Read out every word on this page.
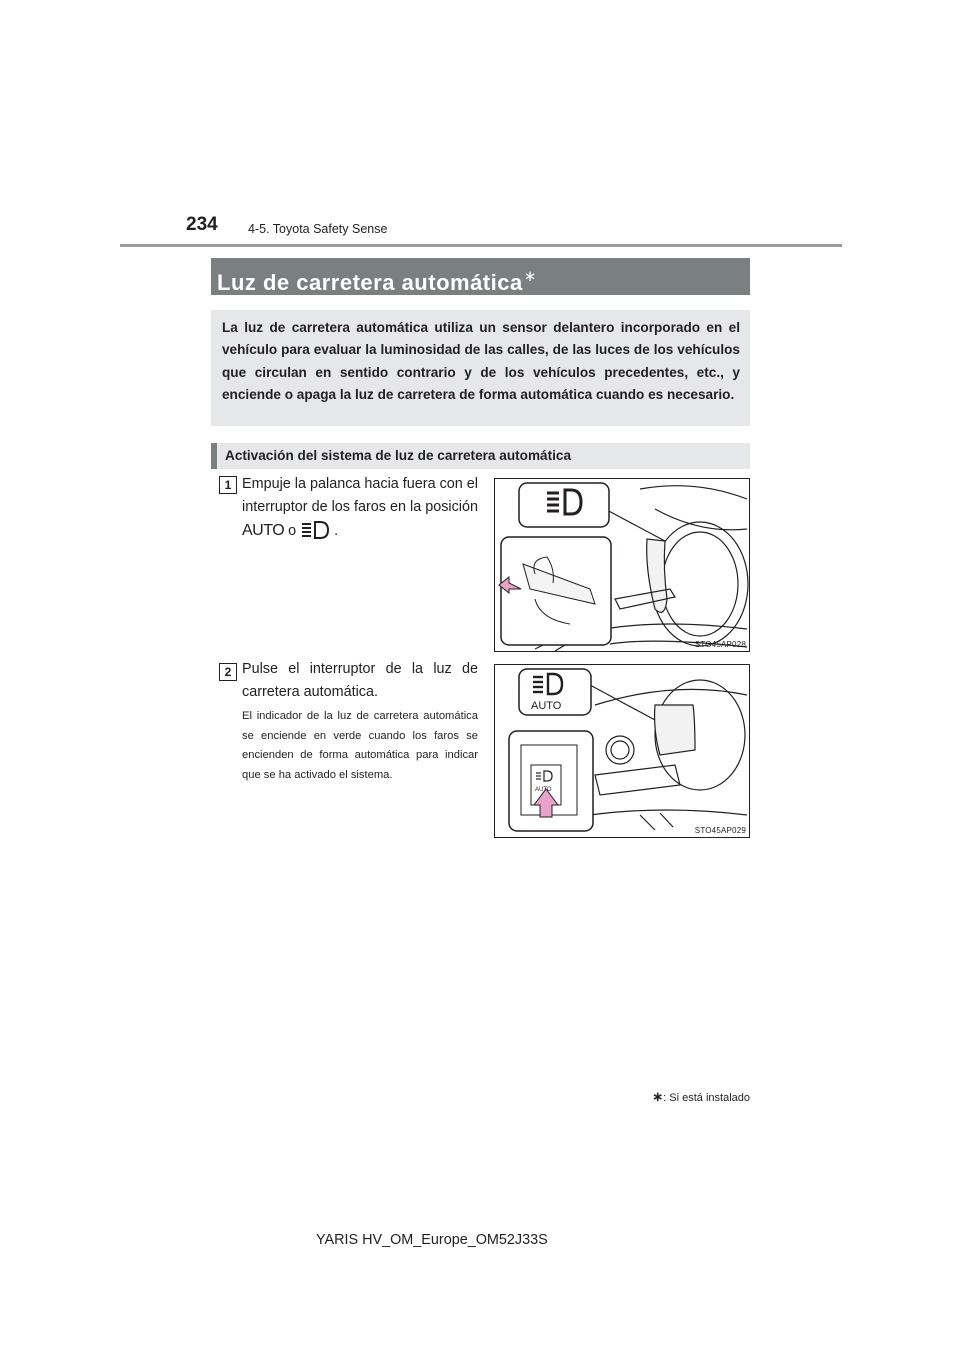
234 4-5. Toyota Safety Sense
Luz de carretera automática∗

La luz de carretera automática utiliza un sensor delantero incorporado en el vehículo para evaluar la luminosidad de las calles, de las luces de los vehículos que circulan en sentido contrario y de los vehículos precedentes, etc., y enciende o apaga la luz de carretera de forma automática cuando es necesario.

Activación del sistema de luz de carretera automática
1 Empuje la palanca hacia fuera con el interruptor de los faros en la posición AUTO o	.

STO45AP028
2 Pulse el interruptor de la luz de carretera automática.

El indicador de la luz de carretera automática se enciende en verde cuando los faros se encienden de forma automática para indicar que se ha activado el sistema.

AUTO
AUTO
STO45AP029
∗: Si está instalado
YARIS HV_OM_Europe_OM52J33S
